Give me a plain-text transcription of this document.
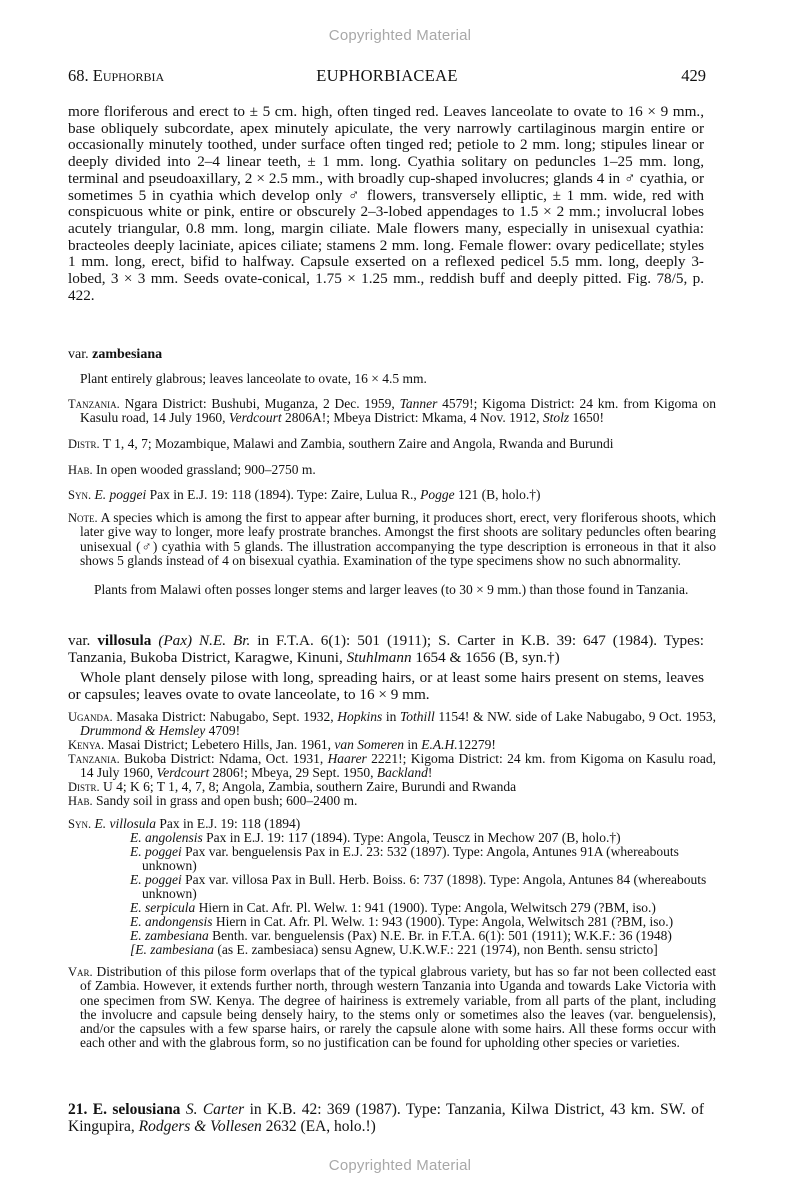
Copyrighted Material
68. Euphorbia	EUPHORBIACEAE	429

more floriferous and erect to ± 5 cm. high, often tinged red. Leaves lanceolate to ovate to 16 × 9 mm., base obliquely subcordate, apex minutely apiculate, the very narrowly cartilaginous margin entire or occasionally minutely toothed, under surface often tinged red; petiole to 2 mm. long; stipules linear or deeply divided into 2–4 linear teeth, ± 1 mm. long. Cyathia solitary on peduncles 1–25 mm. long, terminal and pseudoaxillary, 2 × 2.5 mm., with broadly cup-shaped involucres; glands 4 in ♂ cyathia, or sometimes 5 in cyathia which develop only ♂ flowers, transversely elliptic, ± 1 mm. wide, red with conspicuous white or pink, entire or obscurely 2–3-lobed appendages to 1.5 × 2 mm.; involucral lobes acutely triangular, 0.8 mm. long, margin ciliate. Male flowers many, especially in unisexual cyathia: bracteoles deeply laciniate, apices ciliate; stamens 2 mm. long. Female flower: ovary pedicellate; styles 1 mm. long, erect, bifid to halfway. Capsule exserted on a reflexed pedicel 5.5 mm. long, deeply 3-lobed, 3 × 3 mm. Seeds ovate-conical, 1.75 × 1.25 mm., reddish buff and deeply pitted. Fig. 78/5, p. 422.

var. zambesiana

Plant entirely glabrous; leaves lanceolate to ovate, 16 × 4.5 mm.

Tanzania. Ngara District: Bushubi, Muganza, 2 Dec. 1959, Tanner 4579!; Kigoma District: 24 km. from Kigoma on Kasulu road, 14 July 1960, Verdcourt 2806A!; Mbeya District: Mkama, 4 Nov. 1912, Stolz 1650!

Distr. T 1, 4, 7; Mozambique, Malawi and Zambia, southern Zaire and Angola, Rwanda and Burundi

Hab. In open wooded grassland; 900–2750 m.

Syn. E. poggei Pax in E.J. 19: 118 (1894). Type: Zaire, Lulua R., Pogge 121 (B, holo.†)

Note. A species which is among the first to appear after burning, it produces short, erect, very floriferous shoots, which later give way to longer, more leafy prostrate branches. Amongst the first shoots are solitary peduncles often bearing unisexual (♂) cyathia with 5 glands. The illustration accompanying the type description is erroneous in that it also shows 5 glands instead of 4 on bisexual cyathia. Examination of the type specimens show no such abnormality.

Plants from Malawi often posses longer stems and larger leaves (to 30 × 9 mm.) than those found in Tanzania.

var. villosula (Pax) N.E. Br. in F.T.A. 6(1): 501 (1911); S. Carter in K.B. 39: 647 (1984). Types: Tanzania, Bukoba District, Karagwe, Kinuni, Stuhlmann 1654 & 1656 (B, syn.†)

Whole plant densely pilose with long, spreading hairs, or at least some hairs present on stems, leaves or capsules; leaves ovate to ovate lanceolate, to 16 × 9 mm.

Uganda. Masaka District: Nabugabo, Sept. 1932, Hopkins in Tothill 1154! & NW. side of Lake Nabugabo, 9 Oct. 1953, Drummond & Hemsley 4709!

Kenya. Masai District; Lebetero Hills, Jan. 1961, van Someren in E.A.H.12279!

Tanzania. Bukoba District: Ndama, Oct. 1931, Haarer 2221!; Kigoma District: 24 km. from Kigoma on Kasulu road, 14 July 1960, Verdcourt 2806!; Mbeya, 29 Sept. 1950, Backland!

Distr. U 4; K 6; T 1, 4, 7, 8; Angola, Zambia, southern Zaire, Burundi and Rwanda

Hab. Sandy soil in grass and open bush; 600–2400 m.

Syn. E. villosula Pax in E.J. 19: 118 (1894)

E. angolensis Pax in E.J. 19: 117 (1894). Type: Angola, Teuscz in Mechow 207 (B, holo.†)

E. poggei Pax var. benguelensis Pax in E.J. 23: 532 (1897). Type: Angola, Antunes 91A (whereabouts unknown)

E. poggei Pax var. villosa Pax in Bull. Herb. Boiss. 6: 737 (1898). Type: Angola, Antunes 84 (whereabouts unknown)

E. serpicula Hiern in Cat. Afr. Pl. Welw. 1: 941 (1900). Type: Angola, Welwitsch 279 (?BM, iso.)

E. andongensis Hiern in Cat. Afr. Pl. Welw. 1: 943 (1900). Type: Angola, Welwitsch 281 (?BM, iso.)

E. zambesiana Benth. var. benguelensis (Pax) N.E. Br. in F.T.A. 6(1): 501 (1911); W.K.F.: 36 (1948)

[E. zambesiana (as E. zambesiaca) sensu Agnew, U.K.W.F.: 221 (1974), non Benth. sensu stricto]

Var. Distribution of this pilose form overlaps that of the typical glabrous variety, but has so far not been collected east of Zambia. However, it extends further north, through western Tanzania into Uganda and towards Lake Victoria with one specimen from SW. Kenya. The degree of hairiness is extremely variable, from all parts of the plant, including the involucre and capsule being densely hairy, to the stems only or sometimes also the leaves (var. benguelensis), and/or the capsules with a few sparse hairs, or rarely the capsule alone with some hairs. All these forms occur with each other and with the glabrous form, so no justification can be found for upholding other species or varieties.

21. E. selousiana S. Carter in K.B. 42: 369 (1987). Type: Tanzania, Kilwa District, 43 km. SW. of Kingupira, Rodgers & Vollesen 2632 (EA, holo.!)

Copyrighted Material
